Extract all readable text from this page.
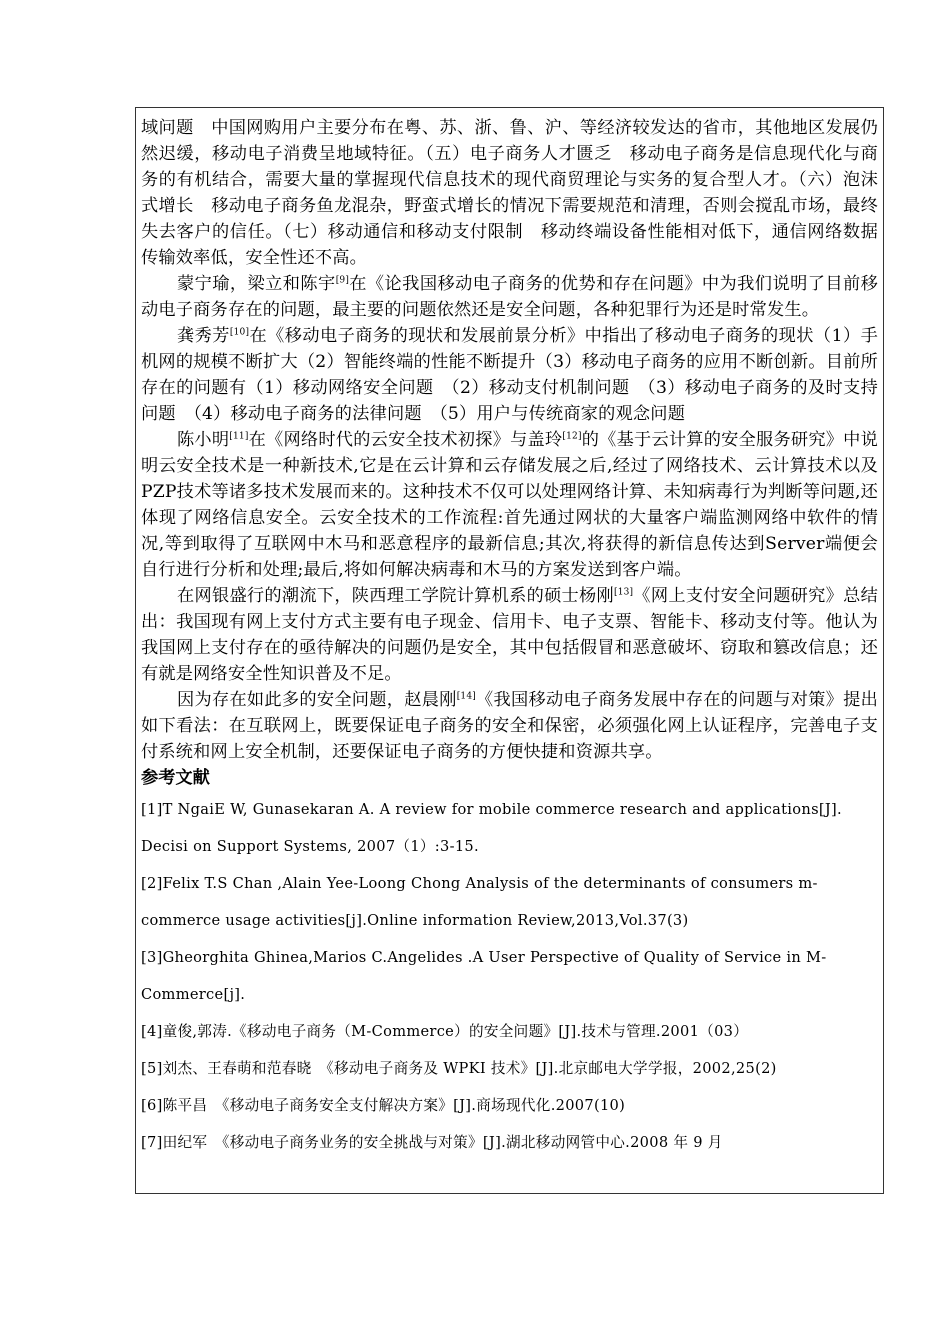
域问题　中国网购用户主要分布在粤、苏、浙、鲁、沪、等经济较发达的省市，其他地区发展仍然迟缓，移动电子消费呈地域特征。（五）电子商务人才匮乏　移动电子商务是信息现代化与商务的有机结合，需要大量的掌握现代信息技术的现代商贸理论与实务的复合型人才。（六）泡沫式增长　移动电子商务鱼龙混杂，野蛮式增长的情况下需要规范和清理，否则会搅乱市场，最终失去客户的信任。（七）移动通信和移动支付限制　移动终端设备性能相对低下，通信网络数据传输效率低，安全性还不高。

蒙宁瑜，梁立和陈宇[9]在《论我国移动电子商务的优势和存在问题》中为我们说明了目前移动电子商务存在的问题，最主要的问题依然还是安全问题，各种犯罪行为还是时常发生。

龚秀芳[10]在《移动电子商务的现状和发展前景分析》中指出了移动电子商务的现状（1）手机网的规模不断扩大（2）智能终端的性能不断提升（3）移动电子商务的应用不断创新。目前所存在的问题有（1）移动网络安全问题　（2）移动支付机制问题　（3）移动电子商务的及时支持问题　（4）移动电子商务的法律问题　（5）用户与传统商家的观念问题

陈小明[11]在《网络时代的云安全技术初探》与盖玲[12]的《基于云计算的安全服务研究》中说明云安全技术是一种新技术,它是在云计算和云存储发展之后,经过了网络技术、云计算技术以及PZP技术等诸多技术发展而来的。这种技术不仅可以处理网络计算、未知病毒行为判断等问题,还体现了网络信息安全。云安全技术的工作流程:首先通过网状的大量客户端监测网络中软件的情况,等到取得了互联网中木马和恶意程序的最新信息;其次,将获得的新信息传达到Server端便会自行进行分析和处理;最后,将如何解决病毒和木马的方案发送到客户端。

在网银盛行的潮流下，陕西理工学院计算机系的硕士杨刚[13]《网上支付安全问题研究》总结出：我国现有网上支付方式主要有电子现金、信用卡、电子支票、智能卡、移动支付等。他认为我国网上支付存在的亟待解决的问题仍是安全，其中包括假冒和恶意破坏、窃取和篡改信息；还有就是网络安全性知识普及不足。

因为存在如此多的安全问题，赵晨刚[14]《我国移动电子商务发展中存在的问题与对策》提出如下看法：在互联网上，既要保证电子商务的安全和保密，必须强化网上认证程序，完善电子支付系统和网上安全机制，还要保证电子商务的方便快捷和资源共享。

参考文献

[1]T NgaiE W, Gunasekaran A. A review for mobile commerce research and applications[J].

Decisi on Support Systems, 2007（1）:3-15.

[2]Felix T.S Chan ,Alain Yee-Loong Chong Analysis of the determinants of consumers m-

commerce usage activities[j].Online information Review,2013,Vol.37(3)

[3]Gheorghita Ghinea,Marios C.Angelides .A User Perspective of Quality of Service in M-

Commerce[j].

[4]童俊,郭涛.《移动电子商务（M-Commerce）的安全问题》[J].技术与管理.2001（03）

[5]刘杰、王春萌和范春晓　《移动电子商务及 WPKI 技术》[J].北京邮电大学学报，2002,25(2)

[6]陈平昌　《移动电子商务安全支付解决方案》[J].商场现代化.2007(10)

[7]田纪军　《移动电子商务业务的安全挑战与对策》[J].湖北移动网管中心.2008 年 9 月
